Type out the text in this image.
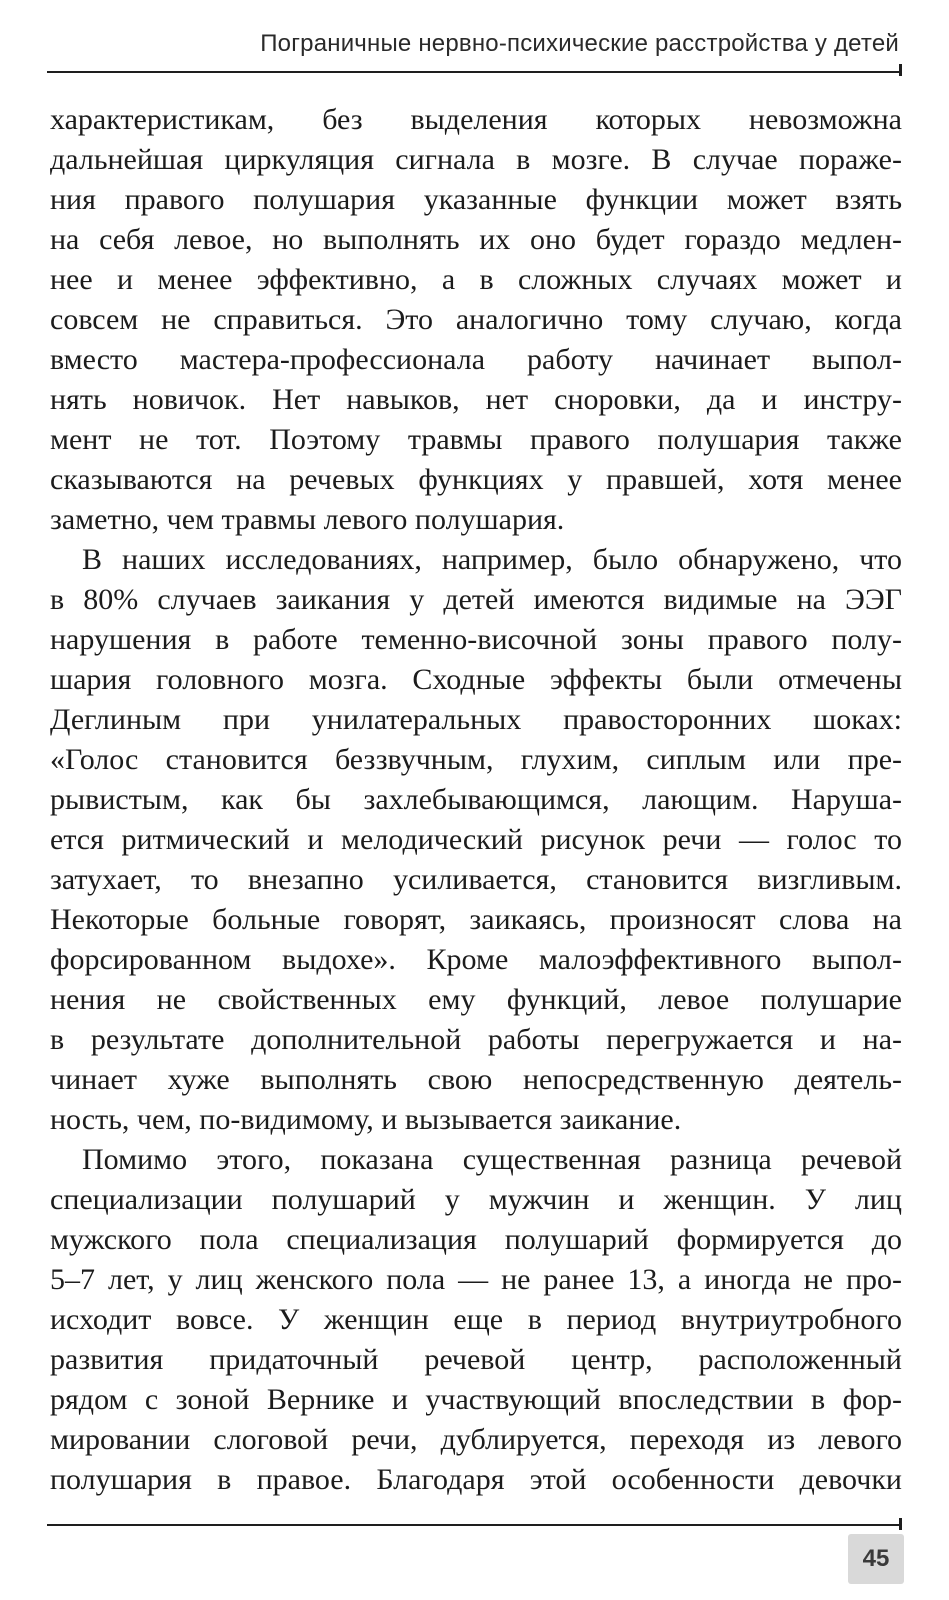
Пограничные нервно-психические расстройства у детей
характеристикам, без выделения которых невозможна
дальнейшая циркуляция сигнала в мозге. В случае пораже-
ния правого полушария указанные функции может взять
на себя левое, но выполнять их оно будет гораздо медлен-
нее и менее эффективно, а в сложных случаях может и
совсем не справиться. Это аналогично тому случаю, когда
вместо мастера-профессионала работу начинает выпол-
нять новичок. Нет навыков, нет сноровки, да и инстру-
мент не тот. Поэтому травмы правого полушария также
сказываются на речевых функциях у правшей, хотя менее
заметно, чем травмы левого полушария.
В наших исследованиях, например, было обнаружено, что
в 80% случаев заикания у детей имеются видимые на ЭЭГ
нарушения в работе теменно-височной зоны правого полу-
шария головного мозга. Сходные эффекты были отмечены
Деглиным при унилатеральных правосторонних шоках:
«Голос становится беззвучным, глухим, сиплым или пре-
рывистым, как бы захлебывающимся, лающим. Наруша-
ется ритмический и мелодический рисунок речи — голос то
затухает, то внезапно усиливается, становится визгливым.
Некоторые больные говорят, заикаясь, произносят слова на
форсированном выдохе». Кроме малоэффективного выпол-
нения не свойственных ему функций, левое полушарие
в результате дополнительной работы перегружается и на-
чинает хуже выполнять свою непосредственную деятель-
ность, чем, по-видимому, и вызывается заикание.
Помимо этого, показана существенная разница речевой
специализации полушарий у мужчин и женщин. У лиц
мужского пола специализация полушарий формируется до
5–7 лет, у лиц женского пола — не ранее 13, а иногда не про-
исходит вовсе. У женщин еще в период внутриутробного
развития придаточный речевой центр, расположенный
рядом с зоной Вернике и участвующий впоследствии в фор-
мировании слоговой речи, дублируется, переходя из левого
полушария в правое. Благодаря этой особенности девочки
45
